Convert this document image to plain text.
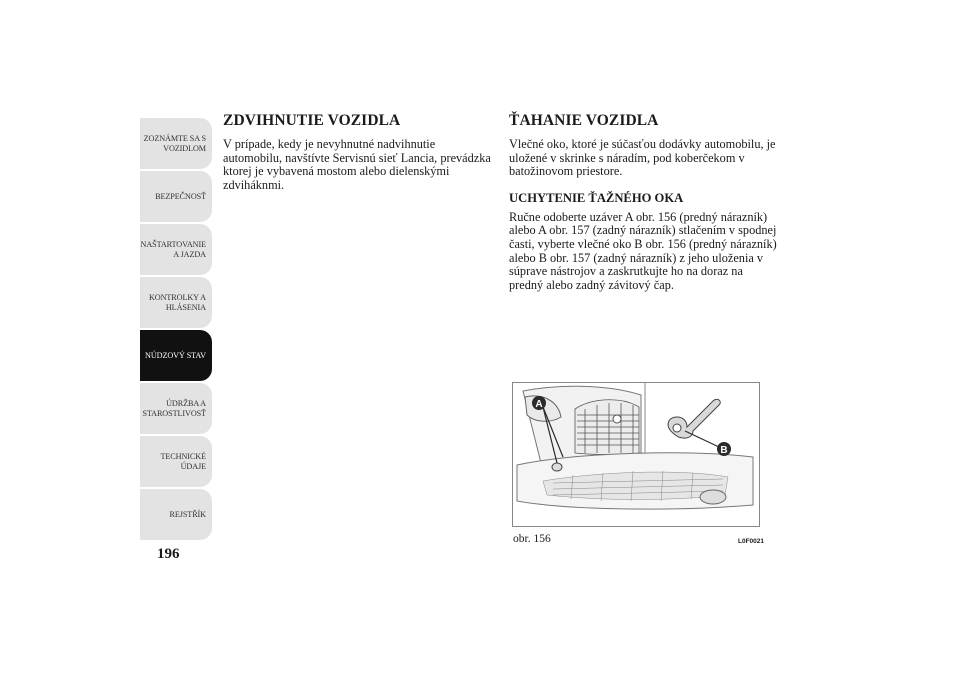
ZOZNÁMTE SA S
VOZIDLOM
BEZPEČNOSŤ
NAŠTARTOVANIE
A JAZDA
KONTROLKY A
HLÁSENIA
NÚDZOVÝ STAV
ÚDRŽBA A
STAROSTLIVOSŤ
TECHNICKÉ
ÚDAJE
REJSTŘÍK
196
ZDVIHNUTIE VOZIDLA

V prípade, kedy je nevyhnutné nadvihnutie automobilu, navštívte Servisnú sieť Lancia, prevádzka ktorej je vybavená mostom alebo dielenskými zdviháknmi.

ŤAHANIE VOZIDLA

Vlečné oko, ktoré je súčasťou dodávky automobilu, je uložené v skrinke s náradím, pod koberčekom v batožinovom priestore.

UCHYTENIE ŤAŽNÉHO OKA

Ručne odoberte uzáver A obr. 156 (predný nárazník) alebo A obr. 157 (zadný nárazník) stlačením v spodnej časti, vyberte vlečné oko B obr. 156 (predný nárazník) alebo B obr. 157 (zadný nárazník) z jeho uloženia v súprave nástrojov a zaskrutkujte ho na doraz na predný alebo zadný závitový čap.

A
B
obr. 156	L0F0021
